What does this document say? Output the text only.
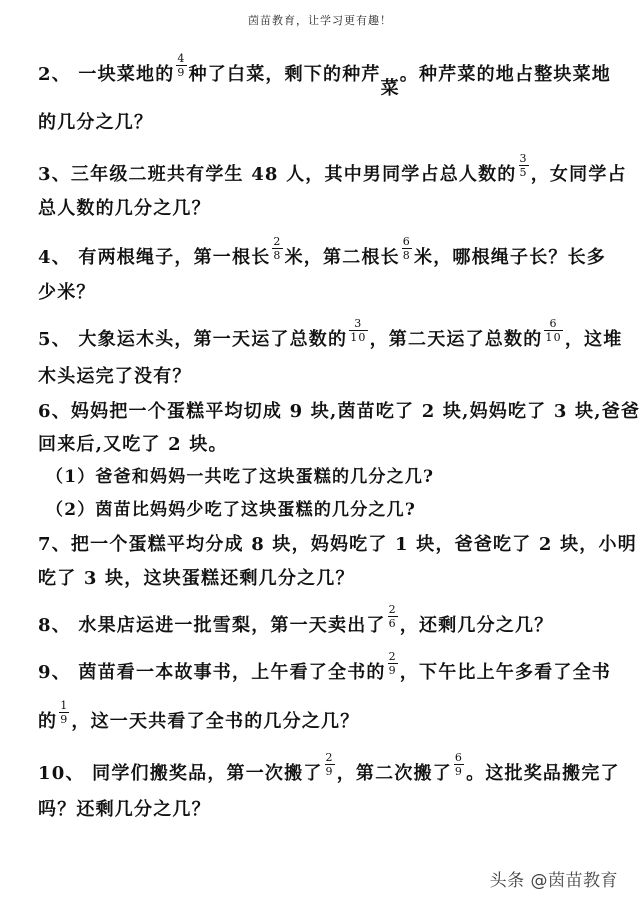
茵苗教育，让学习更有趣！
2、 一块菜地的 $\frac{4}{9}$ 种了白菜，剩下的种芹菜。种芹菜的地占整块菜地
的几分之几？
3、三年级二班共有学生 48 人，其中男同学占总人数的 $\frac{3}{5}$ ，女同学占
总人数的几分之几？
4、 有两根绳子，第一根长 $\frac{2}{8}$ 米，第二根长 $\frac{6}{8}$ 米，哪根绳子长？长多
少米？
5、 大象运木头，第一天运了总数的 $\frac{3}{10}$ ，第二天运了总数的 $\frac{6}{10}$ ，这堆
木头运完了没有？
6、妈妈把一个蛋糕平均切成 9 块,茵苗吃了 2 块,妈妈吃了 3 块,爸爸
回来后,又吃了 2 块。
（1）爸爸和妈妈一共吃了这块蛋糕的几分之几?
（2）茵苗比妈妈少吃了这块蛋糕的几分之几?
7、把一个蛋糕平均分成 8 块，妈妈吃了 1 块，爸爸吃了 2 块，小明
吃了 3 块，这块蛋糕还剩几分之几？
8、 水果店运进一批雪梨，第一天卖出了 $\frac{2}{6}$ ，还剩几分之几？
9、 茵苗看一本故事书，上午看了全书的 $\frac{2}{9}$ ，下午比上午多看了全书
的 $\frac{1}{9}$ ，这一天共看了全书的几分之几？
10、 同学们搬奖品，第一次搬了 $\frac{2}{9}$ ，第二次搬了 $\frac{6}{9}$ 。这批奖品搬完了
吗？还剩几分之几？
头条 @茵苗教育
